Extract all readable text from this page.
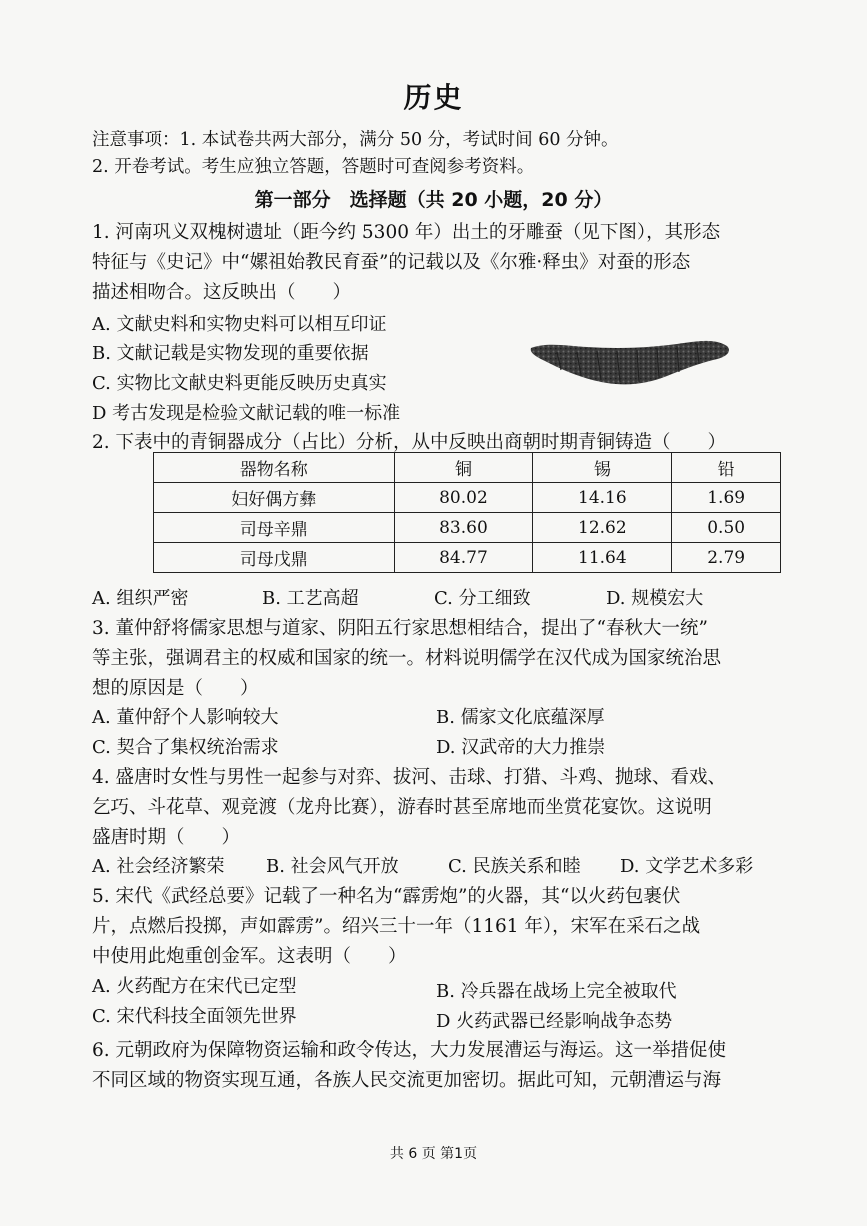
历史
注意事项：1. 本试卷共两大部分，满分 50 分，考试时间 60 分钟。
2. 开卷考试。考生应独立答题，答题时可查阅参考资料。
第一部分　选择题（共 20 小题，20 分）
1. 河南巩义双槐树遗址（距今约 5300 年）出土的牙雕蚕（见下图），其形态
特征与《史记》中“嫘祖始教民育蚕”的记载以及《尔雅·释虫》对蚕的形态
描述相吻合。这反映出（　　）
A. 文献史料和实物史料可以相互印证
B. 文献记载是实物发现的重要依据
C. 实物比文献史料更能反映历史真实
D 考古发现是检验文献记载的唯一标准
2. 下表中的青铜器成分（占比）分析，从中反映出商朝时期青铜铸造（　　）
器物名称	铜	锡	铅
妇好偶方彝	80.02	14.16	1.69
司母辛鼎	83.60	12.62	0.50
司母戊鼎	84.77	11.64	2.79
A. 组织严密	B. 工艺高超	C. 分工细致	D. 规模宏大
3. 董仲舒将儒家思想与道家、阴阳五行家思想相结合，提出了“春秋大一统”
等主张，强调君主的权威和国家的统一。材料说明儒学在汉代成为国家统治思
想的原因是（　　）
A. 董仲舒个人影响较大	B. 儒家文化底蕴深厚
C. 契合了集权统治需求	D. 汉武帝的大力推崇
4. 盛唐时女性与男性一起参与对弈、拔河、击球、打猎、斗鸡、抛球、看戏、
乞巧、斗花草、观竞渡（龙舟比赛），游春时甚至席地而坐赏花宴饮。这说明
盛唐时期（　　）
A. 社会经济繁荣 B. 社会风气开放	C. 民族关系和睦 D. 文学艺术多彩
5. 宋代《武经总要》记载了一种名为“霹雳炮”的火器，其“以火药包裹伏
片，点燃后投掷，声如霹雳”。绍兴三十一年（1161 年），宋军在采石之战
中使用此炮重创金军。这表明（　　）
A. 火药配方在宋代已定型	B. 冷兵器在战场上完全被取代
C. 宋代科技全面领先世界	D 火药武器已经影响战争态势
6. 元朝政府为保障物资运输和政令传达，大力发展漕运与海运。这一举措促使
不同区域的物资实现互通，各族人民交流更加密切。据此可知，元朝漕运与海
共 6 页 第1页
